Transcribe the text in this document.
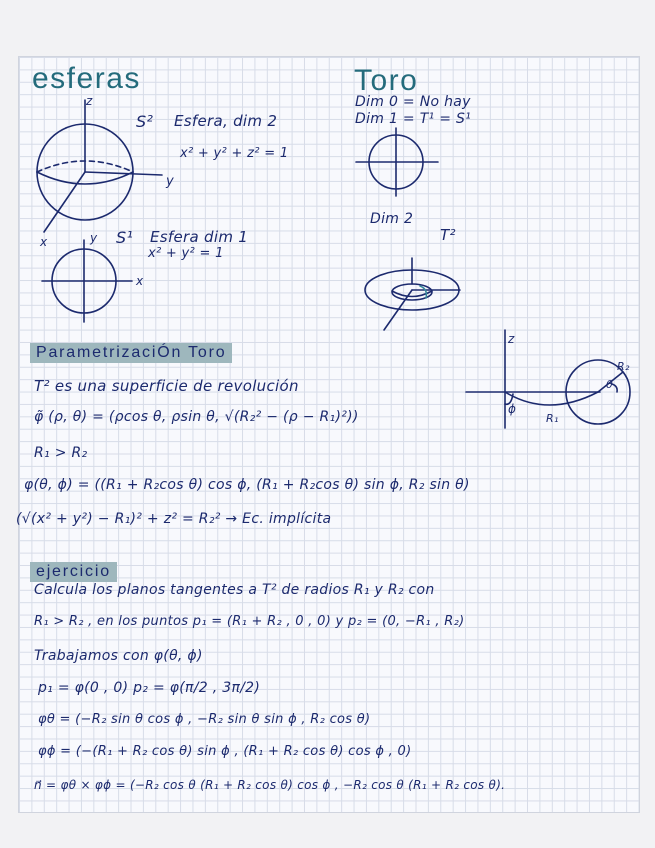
esferas	Toro
z
S² Esfera, dim 2
x² + y² + z² = 1
y
x	y S¹ Esfera dim 1
x² + y² = 1
x
Dim 0 = No hay
Dim 1 = T¹ = S¹
Dim 2
T²
ParametrizaciÓn Toro
z
R₂
θ
ϕ
R₁
T² es una superficie de revolución
φ̃ (ρ, θ) = (ρcos θ, ρsin θ, √(R₂² − (ρ − R₁)²))
R₁ > R₂
φ(θ, ϕ) = ((R₁ + R₂cos θ) cos ϕ, (R₁ + R₂cos θ) sin ϕ, R₂ sin θ)
(√(x² + y²) − R₁)² + z² = R₂² → Ec. implícita
ejercicio
Calcula los planos tangentes a T² de radios R₁ y R₂ con
R₁ > R₂ , en los puntos p₁ = (R₁ + R₂ , 0 , 0) y p₂ = (0, −R₁ , R₂)
Trabajamos con φ(θ, ϕ)
p₁ = φ(0 , 0) p₂ = φ(π/2 , 3π/2)
φθ = (−R₂ sin θ cos ϕ , −R₂ sin θ sin ϕ , R₂ cos θ)
φϕ = (−(R₁ + R₂ cos θ) sin ϕ , (R₁ + R₂ cos θ) cos ϕ , 0)
n⃗ = φθ × φϕ = (−R₂ cos θ (R₁ + R₂ cos θ) cos ϕ , −R₂ cos θ (R₁ + R₂ cos θ).
